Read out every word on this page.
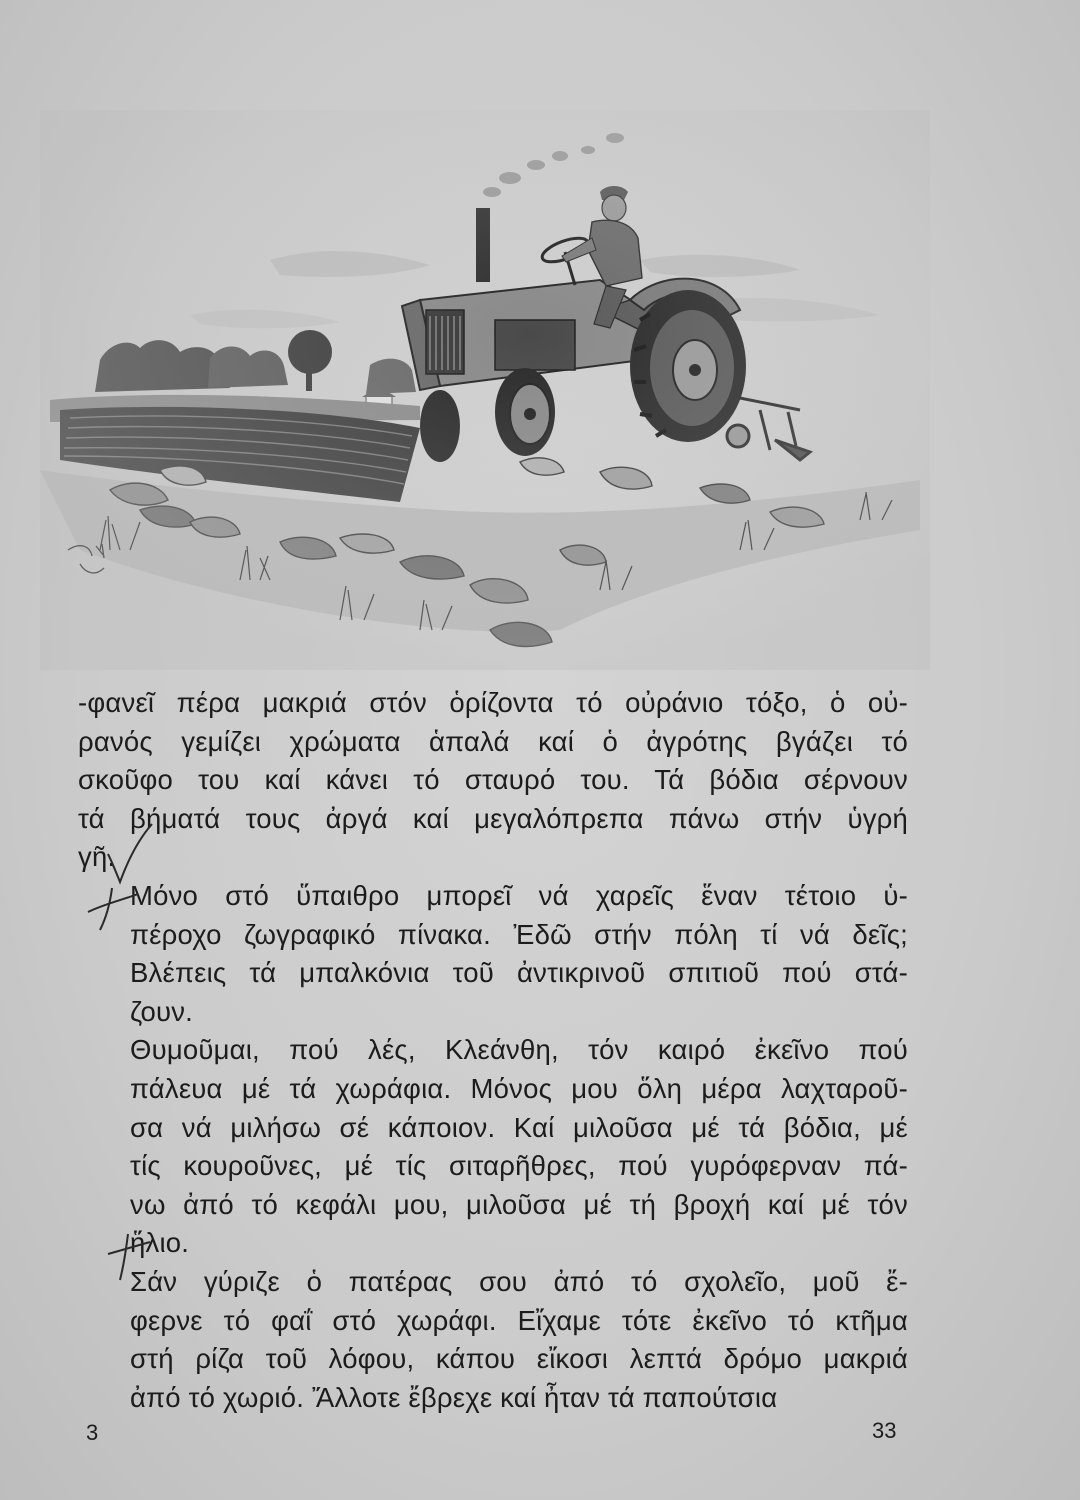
-φανεῖ πέρα μακριά στόν ὁρίζοντα τό οὐράνιο τόξο, ὁ οὐ-
ρανός γεμίζει χρώματα ἁπαλά καί ὁ ἀγρότης βγάζει τό
σκοῦφο του καί κάνει τό σταυρό του. Τά βόδια σέρνουν
τά βήματά τους ἀργά καί μεγαλόπρεπα πάνω στήν ὑγρή
γῆ.

Μόνο στό ὕπαιθρο μπορεῖ νά χαρεῖς ἕναν τέτοιο ὑ-
πέροχο ζωγραφικό πίνακα. Ἐδῶ στήν πόλη τί νά δεῖς;
Βλέπεις τά μπαλκόνια τοῦ ἀντικρινοῦ σπιτιοῦ πού στά-
ζουν.

Θυμοῦμαι, πού λές, Κλεάνθη, τόν καιρό ἐκεῖνο πού
πάλευα μέ τά χωράφια. Μόνος μου ὅλη μέρα λαχταροῦ-
σα νά μιλήσω σέ κάποιον. Καί μιλοῦσα μέ τά βόδια, μέ
τίς κουροῦνες, μέ τίς σιταρῆθρες, πού γυρόφερναν πά-
νω ἀπό τό κεφάλι μου, μιλοῦσα μέ τή βροχή καί μέ τόν
ἥλιο.

Σάν γύριζε ὁ πατέρας σου ἀπό τό σχολεῖο, μοῦ ἔ-
φερνε τό φαΐ στό χωράφι. Εἴχαμε τότε ἐκεῖνο τό κτῆμα
στή ρίζα τοῦ λόφου, κάπου εἴκοσι λεπτά δρόμο μακριά
ἀπό τό χωριό. Ἄλλοτε ἔβρεχε καί ἦταν τά παπούτσια

3	33
